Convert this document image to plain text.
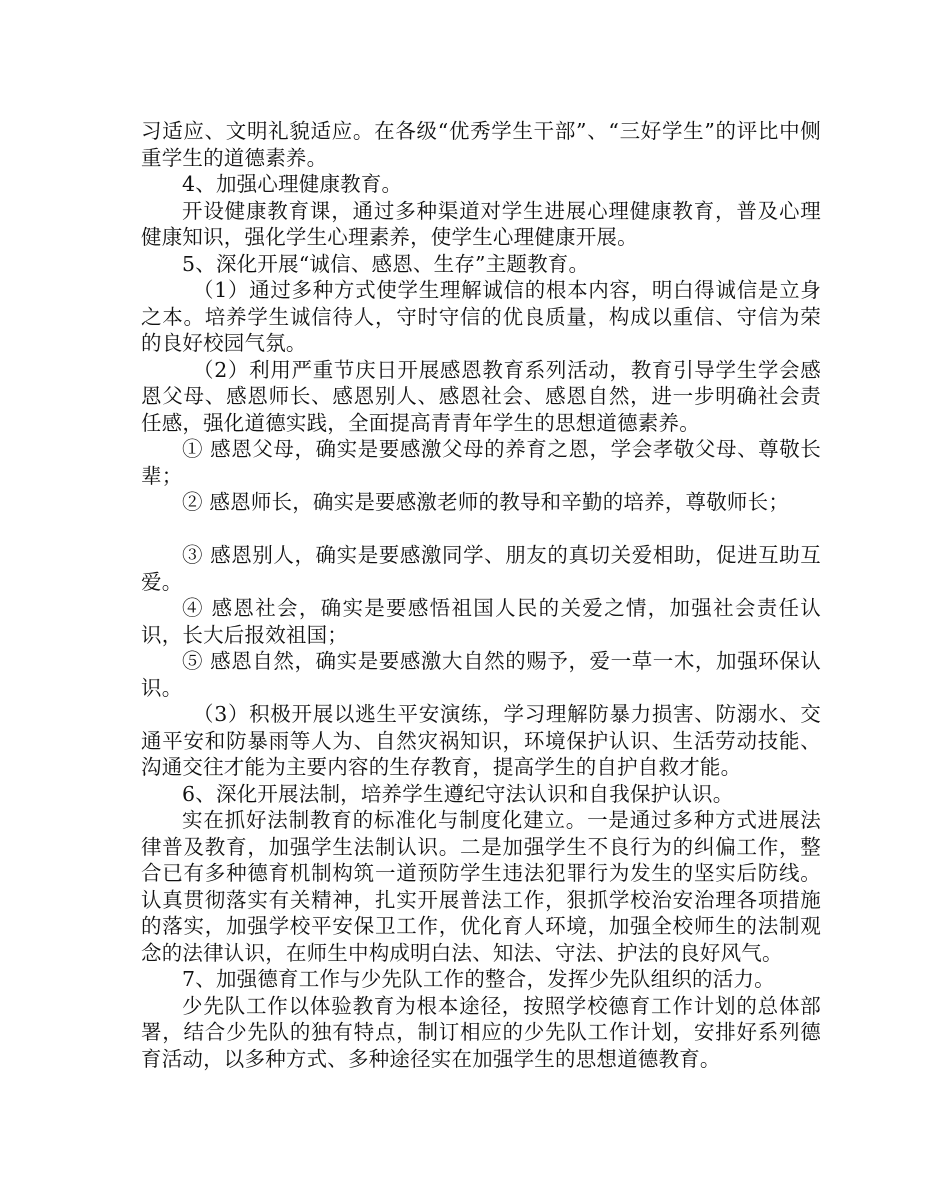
习适应、文明礼貌适应。在各级“优秀学生干部”、“三好学生”的评比中侧重学生的道德素养。

4、加强心理健康教育。

开设健康教育课，通过多种渠道对学生进展心理健康教育，普及心理健康知识，强化学生心理素养，使学生心理健康开展。

5、深化开展“诚信、感恩、生存”主题教育。

（1）通过多种方式使学生理解诚信的根本内容，明白得诚信是立身之本。培养学生诚信待人，守时守信的优良质量，构成以重信、守信为荣的良好校园气氛。

（2）利用严重节庆日开展感恩教育系列活动，教育引导学生学会感恩父母、感恩师长、感恩别人、感恩社会、感恩自然，进一步明确社会责任感，强化道德实践，全面提高青青年学生的思想道德素养。

① 感恩父母，确实是要感激父母的养育之恩，学会孝敬父母、尊敬长辈；

② 感恩师长，确实是要感激老师的教导和辛勤的培养，尊敬师长；

③ 感恩别人，确实是要感激同学、朋友的真切关爱相助，促进互助互爱。

④ 感恩社会，确实是要感悟祖国人民的关爱之情，加强社会责任认识，长大后报效祖国；

⑤ 感恩自然，确实是要感激大自然的赐予，爱一草一木，加强环保认识。

（3）积极开展以逃生平安演练，学习理解防暴力损害、防溺水、交通平安和防暴雨等人为、自然灾祸知识，环境保护认识、生活劳动技能、沟通交往才能为主要内容的生存教育，提高学生的自护自救才能。

6、深化开展法制，培养学生遵纪守法认识和自我保护认识。

实在抓好法制教育的标准化与制度化建立。一是通过多种方式进展法律普及教育，加强学生法制认识。二是加强学生不良行为的纠偏工作，整合已有多种德育机制构筑一道预防学生违法犯罪行为发生的坚实后防线。认真贯彻落实有关精神，扎实开展普法工作，狠抓学校治安治理各项措施的落实，加强学校平安保卫工作，优化育人环境，加强全校师生的法制观念的法律认识，在师生中构成明白法、知法、守法、护法的良好风气。

7、加强德育工作与少先队工作的整合，发挥少先队组织的活力。

少先队工作以体验教育为根本途径，按照学校德育工作计划的总体部署，结合少先队的独有特点，制订相应的少先队工作计划，安排好系列德育活动，以多种方式、多种途径实在加强学生的思想道德教育。
